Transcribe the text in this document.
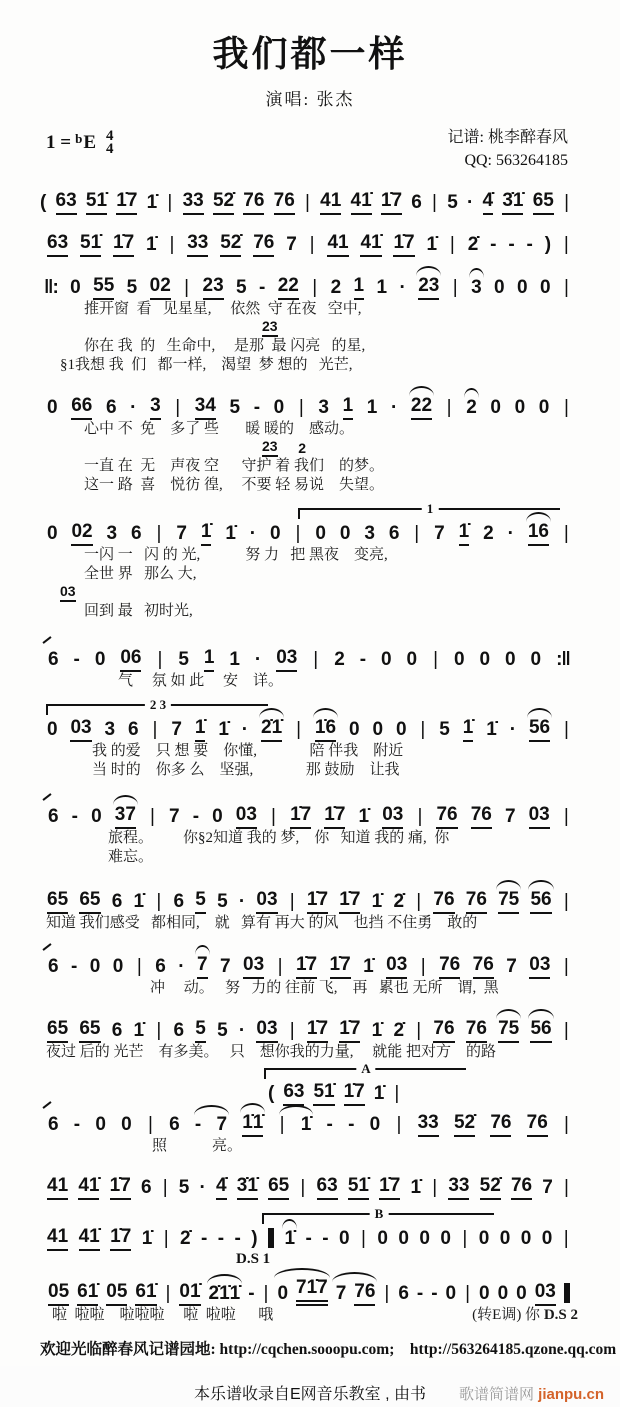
我们都一样
演唱: 张杰
1 = $^b$ E 4
4
记谱: 桃李醉春风
QQ: 563264185
( 63 51̇ 1̇7 1̇ | 33 52̇ 76 76 | 41 41̇ 1̇7 6 | 5 · 4̇ 3̇1̇ 65 |
63 51̇ 1̇7 1̇ | 33 52̇ 76 7 | 41 41̇ 1̇7 1̇ | 2̇ - - - ) |
‖: 0 55 5 02 | 23 5 - 22 | 2 1 1 · 23 | 3 0 0 0 |
推开窗  看   见星星,     依然  守 在夜   空中,
23
你在 我  的   生命中,     是那  最 闪亮   的星,
§1我想 我  们   都一样,    渴望  梦 想的   光芒,
0 66 6 · 3 | 34 5 - 0 | 3 1 1 · 22 | 2 0 0 0 |
心中 不  免    多了 些       暖 暖的    感动。
23 2
一直 在  无    声夜 空      守护 着 我们    的梦。
这一 路  喜    悦彷 徨,     不要 轻 易说    失望。
1
0 02 3 6 | 7 1̇ 1̇ · 0 | 0 0 3 6 | 7 1̇ 2 · 16 |
一闪 一   闪 的 光,            努 力   把 黑夜    变亮,
全世 界   那么 大,
03
回到 最   初时光,
6 - 0 06 | 5 1 1 · 03 | 2 - 0 0 | 0 0 0 0 :‖
气     氛 如 此     安    详。
2 3
0 03 3 6 | 7 1̇ 1̇ · 2̇1̇ | 1̇6 0 0 0 | 5 1̇ 1̇ · 56 |
我 的爱    只 想 要    你懂,              陪 伴我    附近
当 时的    你多 么    坚强,              那 鼓励    让我
6 - 0 37 | 7 - 0 03 | 1̇7 1̇7 1̇ 03 | 76 76 7 03 |
旅程。        你§2知道 我的 梦,    你   知道 我的 痛,  你
难忘。
65 65 6 1̇ | 6 5 5 · 03 | 1̇7 1̇7 1̇ 2̇ | 76 76 75 56 |
知道 我们感受   都相同,    就   算有 再大 的风    也挡 不住勇    敢的
6 - 0 0 | 6 · 7 7 03 | 1̇7 1̇7 1̇ 03 | 76 76 7 03 |
冲     动。   努   力的 往前 飞,    再   累也 无所    谓,  黑
65 65 6 1̇ | 6 5 5 · 03 | 1̇7 1̇7 1̇ 2̇ | 76 76 75 56 |
夜过 后的 光芒    有多美。   只    想你我的力量,     就能 把对方    的路
A
( 63 51̇ 1̇7 1̇ |
6 - 0 0 | 6 - 7 1̇1̇ | 1̇ - - 0 | 33 52̇ 76 76 |
照            亮。
41 41̇ 1̇7 6 | 5 · 4̇ 3̇1̇ 65 | 63 51̇ 1̇7 1̇ | 33 52̇ 76 7 |
B
41 41̇ 1̇7 1̇ | 2̇ - - - ) 1̇ - - 0 | 0 0 0 0 | 0 0 0 0 |
D.S 1
05 61̇ 05 61̇ | 01̇ 2̇1̇1̇ - | 0 71̇7 7 76 | 6 - - 0 | 0 0 0 03
啦  啦啦    啦啦啦     啦  啦啦      哦	(转E调) 你 D.S 2
欢迎光临醉春风记谱园地: http://cqchen.sooopu.com;    http://563264185.qzone.qq.com
本乐谱收录自E网音乐教室 , 由书	歌谱简谱网 jianpu.cn
